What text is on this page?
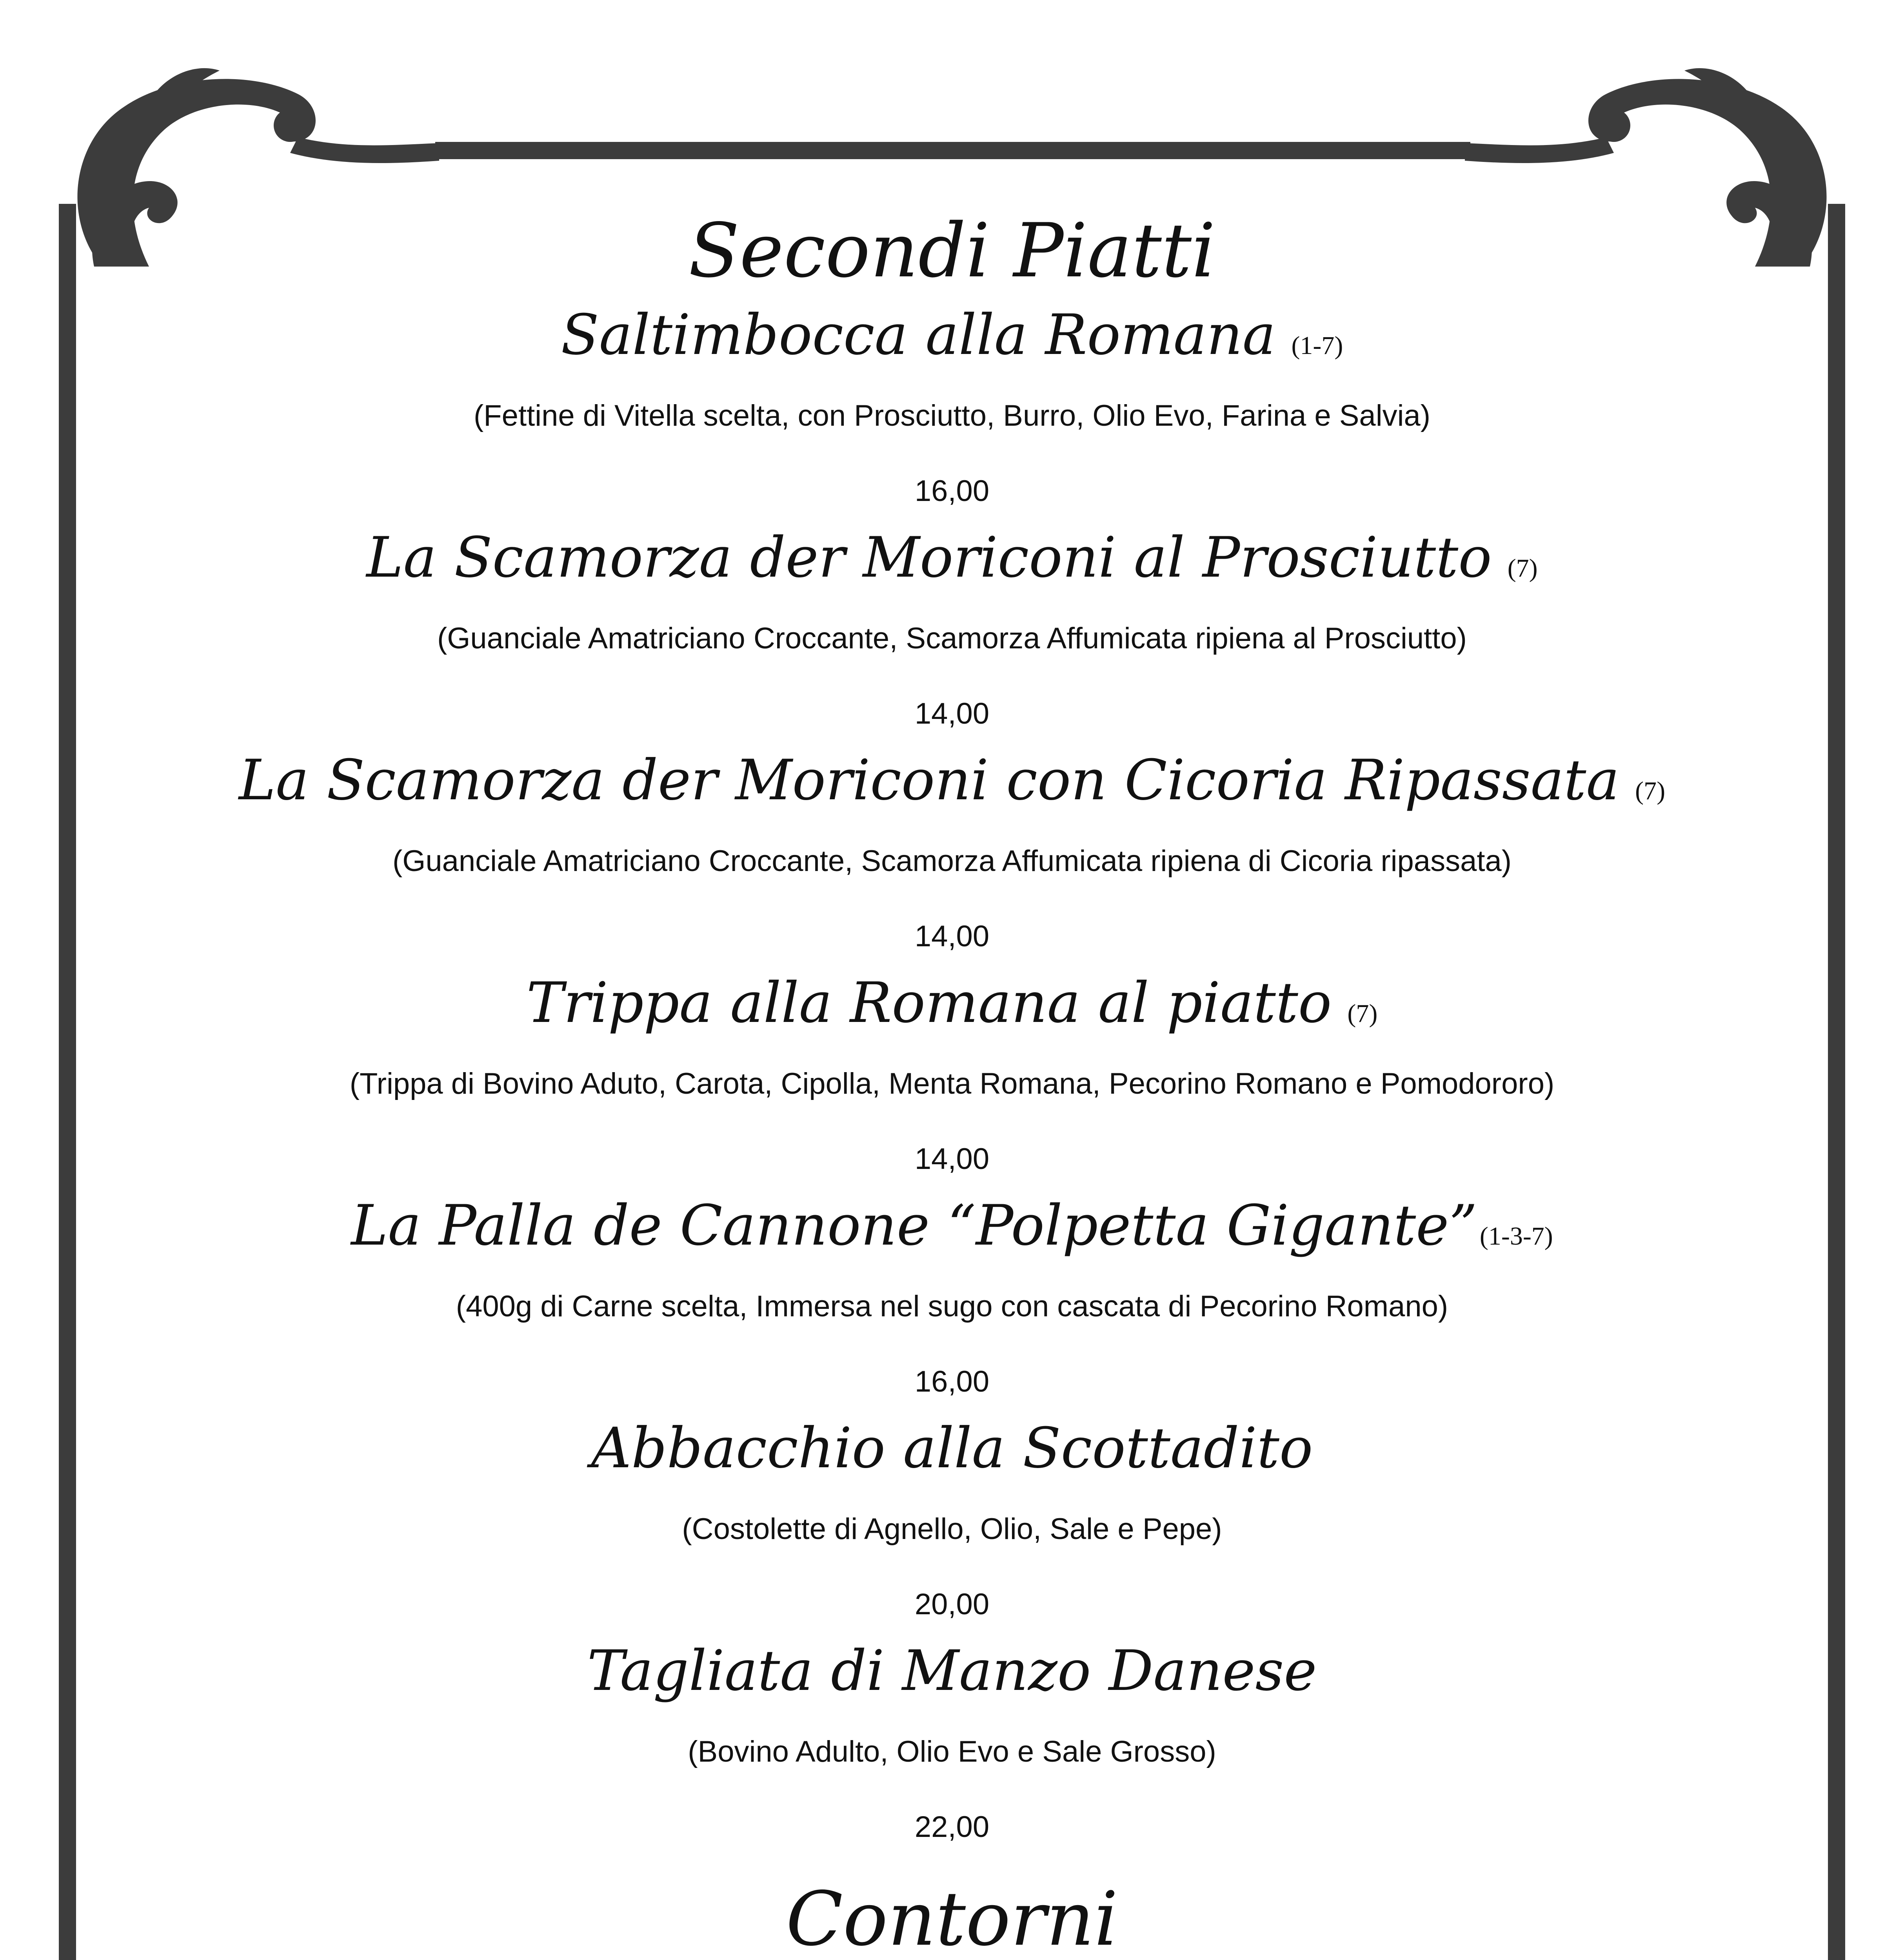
Secondi Piatti
Saltimbocca alla Romana (1-7)
(Fettine di Vitella scelta, con Prosciutto, Burro, Olio Evo, Farina e Salvia)
16,00
La Scamorza der Moriconi al Prosciutto (7)
(Guanciale Amatriciano Croccante, Scamorza Affumicata ripiena al Prosciutto)
14,00
La Scamorza der Moriconi con Cicoria Ripassata (7)
(Guanciale Amatriciano Croccante, Scamorza Affumicata ripiena di Cicoria ripassata)
14,00
Trippa alla Romana al piatto (7)
(Trippa di Bovino Aduto, Carota, Cipolla, Menta Romana, Pecorino Romano e Pomodororo)
14,00
La Palla de Cannone “Polpetta Gigante”(1-3-7)
(400g di Carne scelta, Immersa nel sugo con cascata di Pecorino Romano)
16,00
Abbacchio alla Scottadito
(Costolette di Agnello, Olio, Sale e Pepe)
20,00
Tagliata di Manzo Danese
(Bovino Adulto, Olio Evo e Sale Grosso)
22,00
Contorni
